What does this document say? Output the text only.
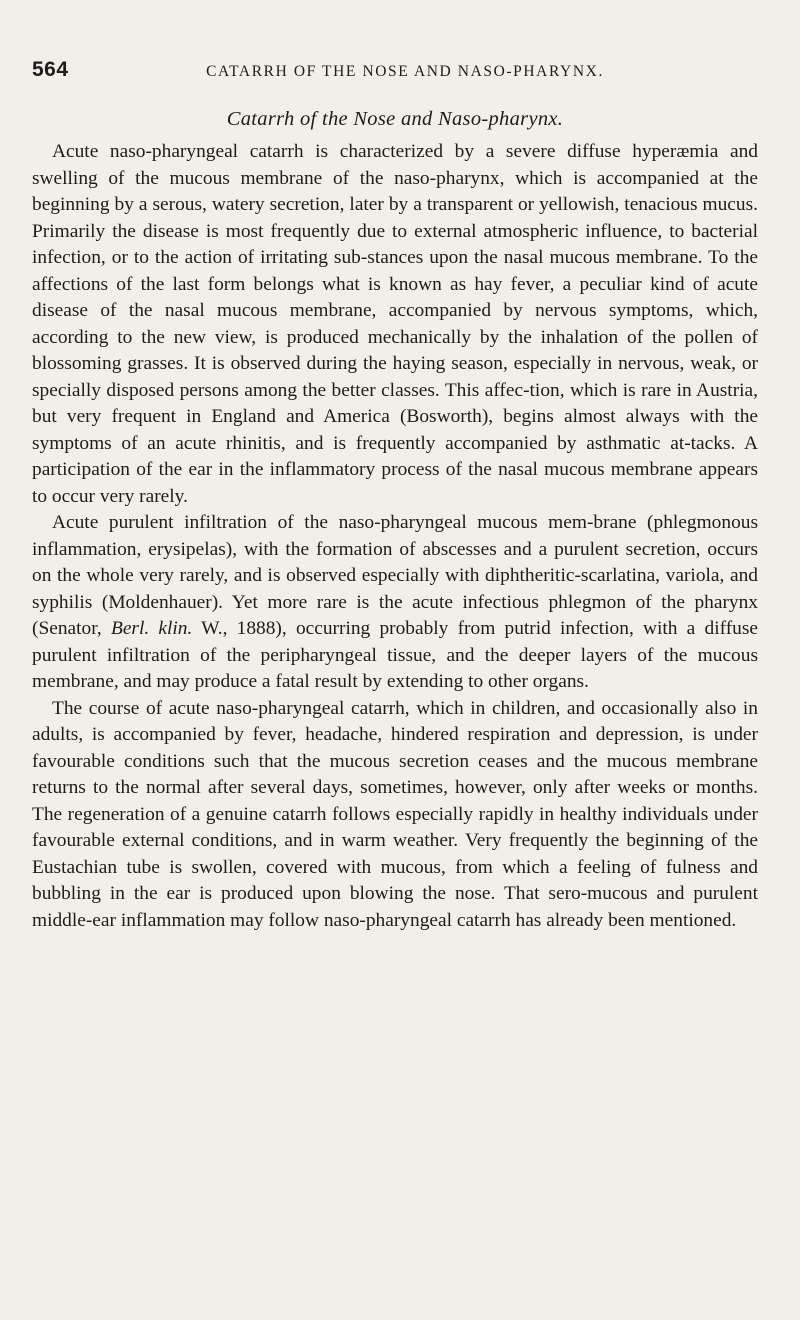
564	CATARRH OF THE NOSE AND NASO-PHARYNX.
Catarrh of the Nose and Naso-pharynx.

Acute naso-pharyngeal catarrh is characterized by a severe diffuse hyperæmia and swelling of the mucous membrane of the naso-pharynx, which is accompanied at the beginning by a serous, watery secretion, later by a transparent or yellowish, tenacious mucus. Primarily the disease is most frequently due to external atmospheric influence, to bacterial infection, or to the action of irritating sub-stances upon the nasal mucous membrane. To the affections of the last form belongs what is known as hay fever, a peculiar kind of acute disease of the nasal mucous membrane, accompanied by nervous symptoms, which, according to the new view, is produced mechanically by the inhalation of the pollen of blossoming grasses. It is observed during the haying season, especially in nervous, weak, or specially disposed persons among the better classes. This affec-tion, which is rare in Austria, but very frequent in England and America (Bosworth), begins almost always with the symptoms of an acute rhinitis, and is frequently accompanied by asthmatic at-tacks. A participation of the ear in the inflammatory process of the nasal mucous membrane appears to occur very rarely.

Acute purulent infiltration of the naso-pharyngeal mucous mem-brane (phlegmonous inflammation, erysipelas), with the formation of abscesses and a purulent secretion, occurs on the whole very rarely, and is observed especially with diphtheritic-scarlatina, variola, and syphilis (Moldenhauer). Yet more rare is the acute infectious phlegmon of the pharynx (Senator, Berl. klin. W., 1888), occurring probably from putrid infection, with a diffuse purulent infiltration of the peripharyngeal tissue, and the deeper layers of the mucous membrane, and may produce a fatal result by extending to other organs.

The course of acute naso-pharyngeal catarrh, which in children, and occasionally also in adults, is accompanied by fever, headache, hindered respiration and depression, is under favourable conditions such that the mucous secretion ceases and the mucous membrane returns to the normal after several days, sometimes, however, only after weeks or months. The regeneration of a genuine catarrh follows especially rapidly in healthy individuals under favourable external conditions, and in warm weather. Very frequently the beginning of the Eustachian tube is swollen, covered with mucous, from which a feeling of fulness and bubbling in the ear is produced upon blowing the nose. That sero-mucous and purulent middle-ear inflammation may follow naso-pharyngeal catarrh has already been mentioned.
